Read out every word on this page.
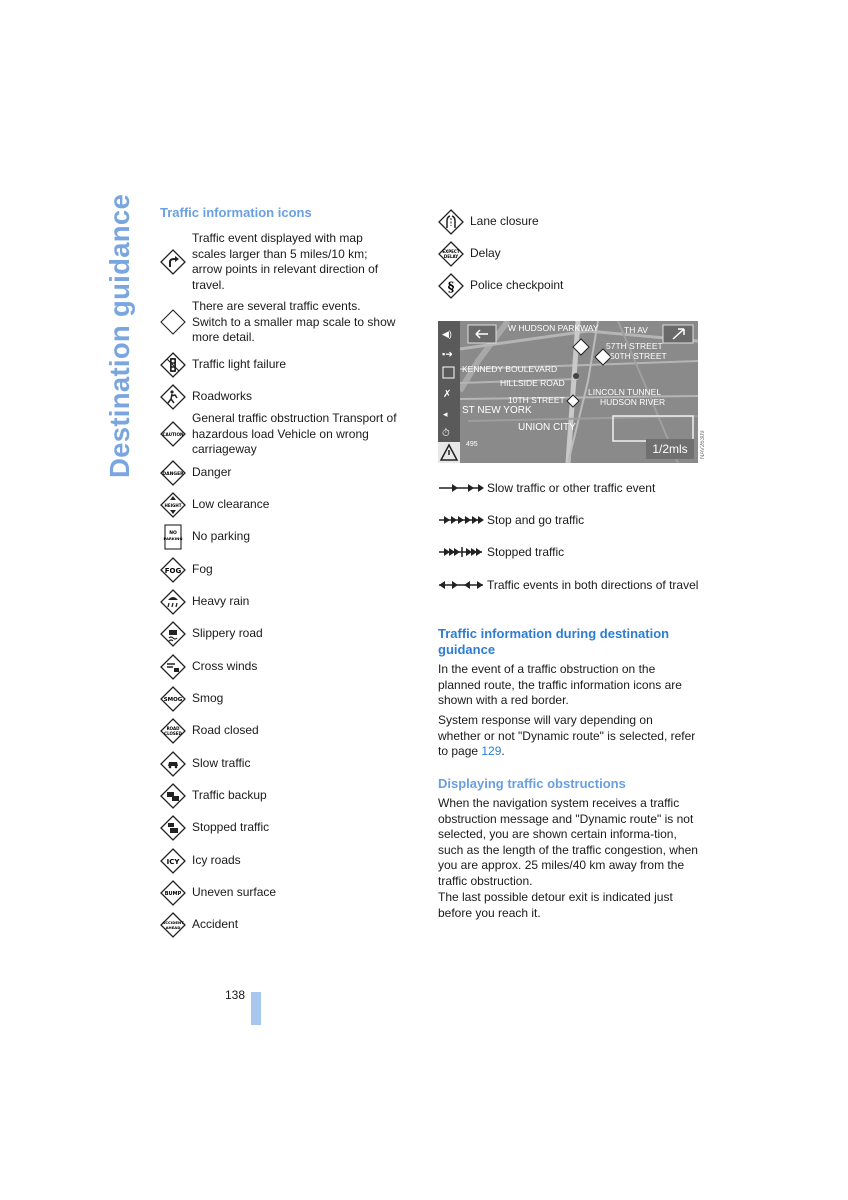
Destination guidance Traffic information icons
Lane closure
EXPECT
DELAY Delay
§ Police checkpoint
◀)
▪➜
✗
◂
⏱
W HUDSON PARKWAY
KENNEDY BOULEVARD
HILLSIDE ROAD
10TH STREET
ST NEW YORK
UNION CITY
LINCOLN TUNNEL
HUDSON RIVER
TH AV
57TH STREET
50TH STREET
495	1/2mls	NAV26309
Slow traffic or other traffic event
Stop and go traffic
Stopped traffic
Traffic events in both directions of travel
Traffic information during destination guidance

In the event of a traffic obstruction on the planned route, the traffic information icons are shown with a red border.

System response will vary depending on whether or not "Dynamic route" is selected, refer to page 129.

Displaying traffic obstructions

When the navigation system receives a traffic obstruction message and "Dynamic route" is not selected, you are shown certain informa-tion, such as the length of the traffic congestion, when you are approx. 25 miles/40 km away from the traffic obstruction.

The last possible detour exit is indicated just before you reach it.

138
Traffic event displayed with map scales larger than 5 miles/10 km; arrow points in relevant direction of travel.
There are several traffic events. Switch to a smaller map scale to show more detail.
Traffic light failure
Roadworks
CAUTION
General traffic obstruction Transport of hazardous load Vehicle on wrong carriageway
DANGER Danger
HEIGHT Low clearance
NO
PARKING No parking
FOG Fog
Heavy rain
Slippery road
Cross winds
SMOG Smog
ROAD
CLOSED Road closed
Slow traffic
Traffic backup
Stopped traffic
ICY Icy roads
BUMP Uneven surface
ACCIDENT
AHEAD Accident
